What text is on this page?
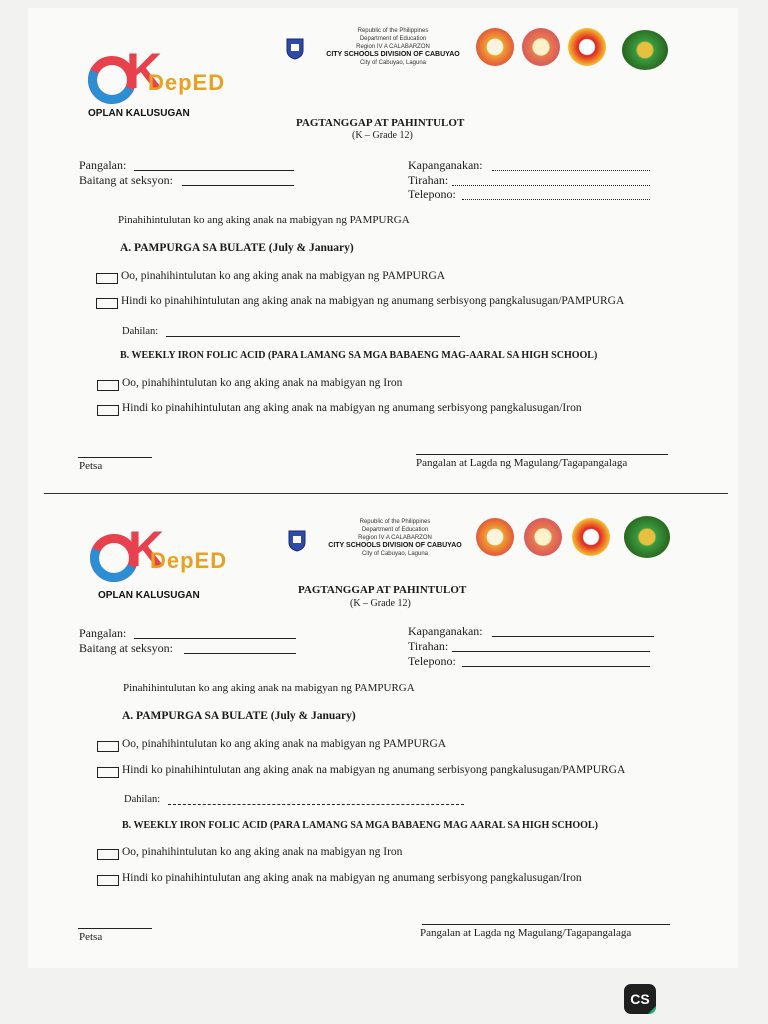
K
DepED
OPLAN KALUSUGAN
Republic of the Philippines
Department of Education
Region IV A CALABARZON
CITY SCHOOLS DIVISION OF CABUYAO
City of Cabuyao, Laguna
PAGTANGGAP AT PAHINTULOT
(K – Grade 12)
Pangalan:
Baitang at seksyon:
Kapanganakan:
Tirahan:
Telepono:
Pinahihintulutan ko ang aking anak na mabigyan ng PAMPURGA
A. PAMPURGA SA BULATE (July & January)
Oo, pinahihintulutan ko ang aking anak na mabigyan ng PAMPURGA
Hindi ko pinahihintulutan ang aking anak na mabigyan ng anumang serbisyong pangkalusugan/PAMPURGA
Dahilan:
B. WEEKLY IRON FOLIC ACID (PARA LAMANG SA MGA BABAENG MAG-AARAL SA HIGH SCHOOL)
Oo, pinahihintulutan ko ang aking anak na mabigyan ng Iron
Hindi ko pinahihintulutan ang aking anak na mabigyan ng anumang serbisyong pangkalusugan/Iron
Petsa	Pangalan at Lagda ng Magulang/Tagapangalaga
K
DepED
OPLAN KALUSUGAN
Republic of the Philippines
Department of Education
Region IV A CALABARZON
CITY SCHOOLS DIVISION OF CABUYAO
City of Cabuyao, Laguna
PAGTANGGAP AT PAHINTULOT
(K – Grade 12)
Pangalan:
Baitang at seksyon:
Kapanganakan:
Tirahan:
Telepono:
Pinahihintulutan ko ang aking anak na mabigyan ng PAMPURGA
A. PAMPURGA SA BULATE (July & January)
Oo, pinahihintulutan ko ang aking anak na mabigyan ng PAMPURGA
Hindi ko pinahihintulutan ang aking anak na mabigyan ng anumang serbisyong pangkalusugan/PAMPURGA
Dahilan:
B. WEEKLY IRON FOLIC ACID (PARA LAMANG SA MGA BABAENG MAG AARAL SA HIGH SCHOOL)
Oo, pinahihintulutan ko ang aking anak na mabigyan ng Iron
Hindi ko pinahihintulutan ang aking anak na mabigyan ng anumang serbisyong pangkalusugan/Iron
Petsa	Pangalan at Lagda ng Magulang/Tagapangalaga
CS
